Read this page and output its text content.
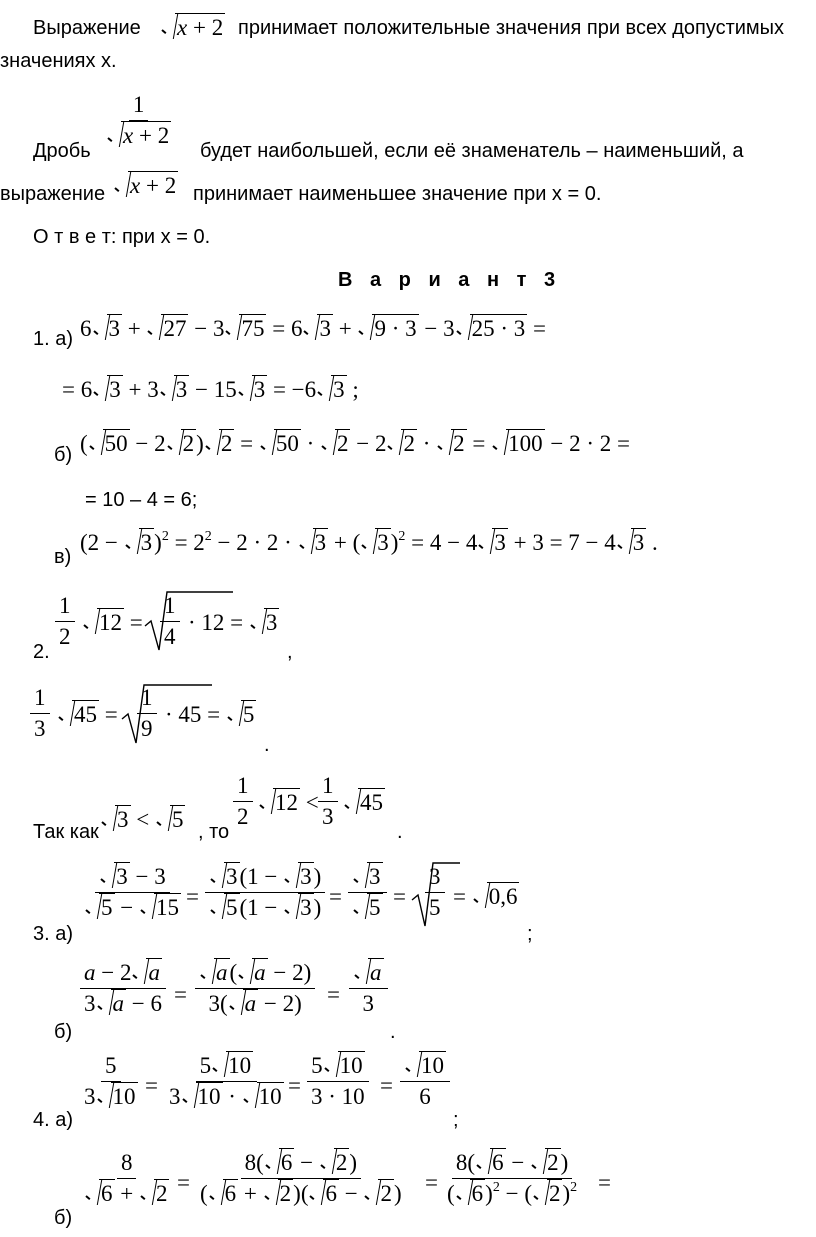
Выражение	x + 2 принимает положительные значения при всех допустимых
значениях x.
Дробь
$\frac{1}{x + 2}$
будет наибольшей, если её знаменатель – наименьший, а
выражение	x + 2 принимает наименьшее значение при x = 0.
О т в е т: при x = 0.
В а р и а н т 3
1. а) 6 3 + 27 − 3 75 = 6 3 + 9 · 3 − 3 25 · 3 =
= 6 3 + 3 3 − 15 3 = −6 3 ;
б) ( 50 − 2 2) 2 = 50 · 2 − 2 2 · 2 = 100 − 2 · 2 =
= 10 – 4 = 6;
в)
$(2 - 3)^2 = 2^2 - 2 \cdot 2 \cdot 3$ + ( 3)$^2$ = 4 − 4 3 + 3 = 7 − 4 3 .
2.
$\frac{1}{2}$	$12 = \frac{1}{4} \cdot 12 = 3$
,
$\frac{1}{3}$	$45 = \frac{1}{9} \cdot 45 = 5$
.
Так как 3 < 5 , то
$\frac{1}{2} 12 < \frac{1}{3} 45$
.
3. а)
$\frac{3 - 3}{5 - 15} = \frac{3(1 - 3)}{5(1 - 3)} = \frac{3}{5} = \frac{3}{5} = 0,6$
;
б)
$\frac{a - 2 a}{3 a - 6} = \frac{a( a - 2)}{3( a - 2)} = \frac{a}{3}$
.
4. а)
$\frac{5}{3 10} = \frac{5 10}{3 10 \cdot 10} = \frac{5 10}{3 \cdot 10} = \frac{10}{6}$
;
б)
$\frac{8}{6 + 2} = \frac{8( 6 - 2)}{( 6 + 2)( 6 - 2)} = \frac{8( 6 - 2)}{( 6)^2 - ( 2)^2}$ =
